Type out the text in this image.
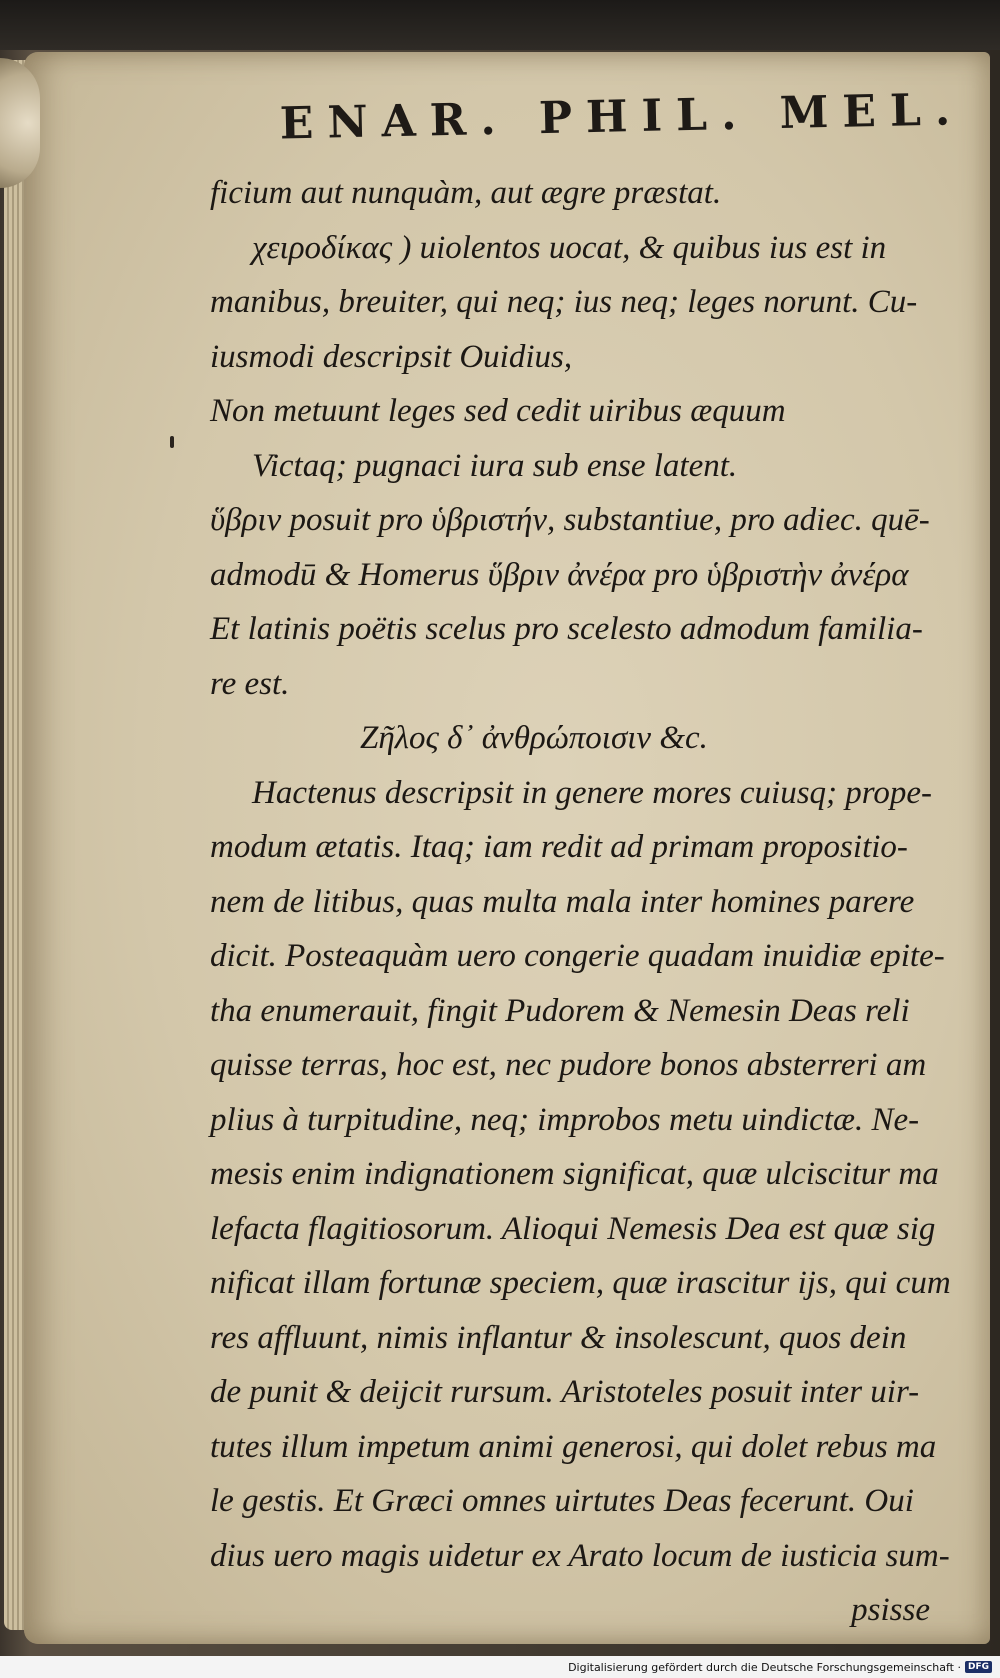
ENAR. PHIL. MEL.
ficium aut nunquàm, aut ægre præstat.
χειροδίκας ) uiolentos uocat, & quibus ius est in
manibus, breuiter, qui neq; ius neq; leges norunt. Cu-
iusmodi descripsit Ouidius,
Non metuunt leges sed cedit uiribus æquum
Victaq; pugnaci iura sub ense latent.
ὕβριν posuit pro ὑβριστήν, substantiue, pro adiec. quē-
admodū & Homerus ὕβριν ἀνέρα pro ὑβριστὴν ἀνέρα
Et latinis poëtis scelus pro scelesto admodum familia-
re est.
Ζῆλος δ᾽ ἀνθρώποισιν &c.
Hactenus descripsit in genere mores cuiusq; prope-
modum ætatis. Itaq; iam redit ad primam propositio-
nem de litibus, quas multa mala inter homines parere
dicit. Posteaquàm uero congerie quadam inuidiæ epite-
tha enumerauit, fingit Pudorem & Nemesin Deas reli
quisse terras, hoc est, nec pudore bonos absterreri am
plius à turpitudine, neq; improbos metu uindictæ. Ne-
mesis enim indignationem significat, quæ ulciscitur ma
lefacta flagitiosorum. Alioqui Nemesis Dea est quæ sig
nificat illam fortunæ speciem, quæ irascitur ijs, qui cum
res affluunt, nimis inflantur & insolescunt, quos dein
de punit & deijcit rursum. Aristoteles posuit inter uir-
tutes illum impetum animi generosi, qui dolet rebus ma
le gestis. Et Græci omnes uirtutes Deas fecerunt. Oui
dius uero magis uidetur ex Arato locum de iusticia sum-
psisse
Digitalisierung gefördert durch die Deutsche Forschungsgemeinschaft · DFG
